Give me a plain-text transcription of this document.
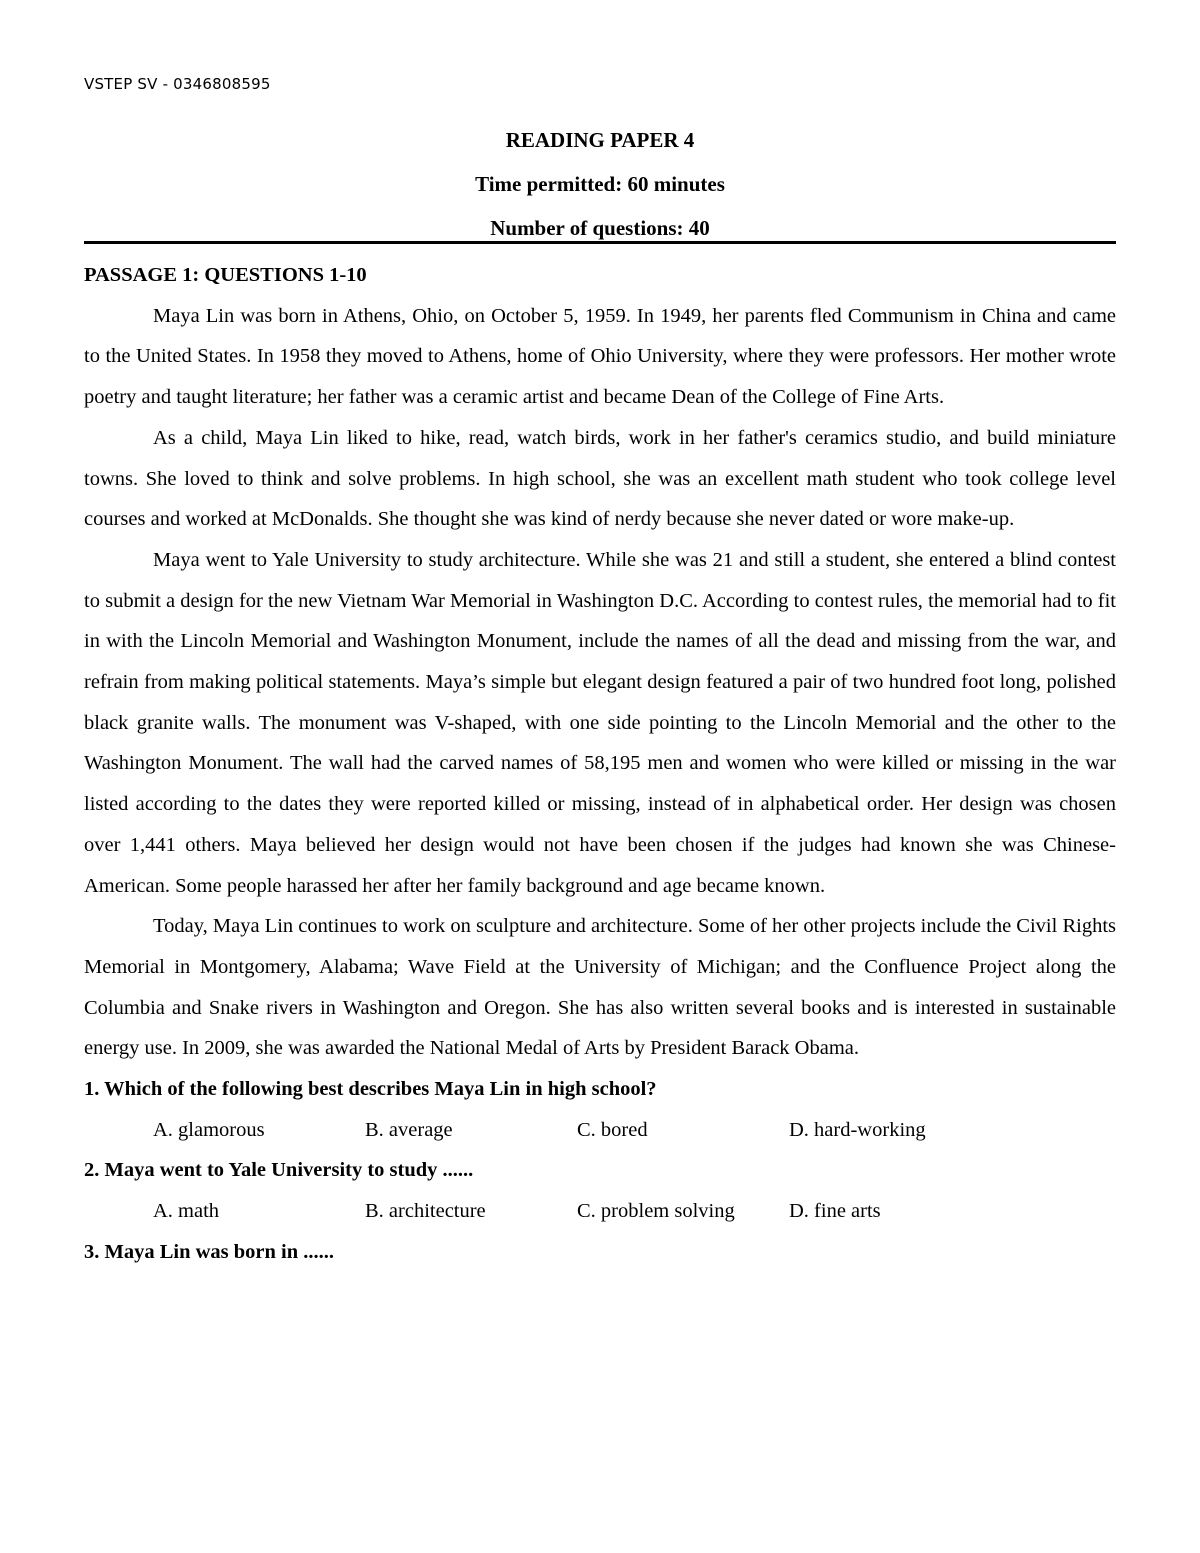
VSTEP SV - 0346808595
READING PAPER 4
Time permitted: 60 minutes
Number of questions: 40

PASSAGE 1: QUESTIONS 1-10

Maya Lin was born in Athens, Ohio, on October 5, 1959. In 1949, her parents fled Communism in China and came to the United States. In 1958 they moved to Athens, home of Ohio University, where they were professors. Her mother wrote poetry and taught literature; her father was a ceramic artist and became Dean of the College of Fine Arts.

As a child, Maya Lin liked to hike, read, watch birds, work in her father's ceramics studio, and build miniature towns. She loved to think and solve problems. In high school, she was an excellent math student who took college level courses and worked at McDonalds. She thought she was kind of nerdy because she never dated or wore make-up.

Maya went to Yale University to study architecture. While she was 21 and still a student, she entered a blind contest to submit a design for the new Vietnam War Memorial in Washington D.C. According to contest rules, the memorial had to fit in with the Lincoln Memorial and Washington Monument, include the names of all the dead and missing from the war, and refrain from making political statements. Maya’s simple but elegant design featured a pair of two hundred foot long, polished black granite walls. The monument was V-shaped, with one side pointing to the Lincoln Memorial and the other to the Washington Monument. The wall had the carved names of 58,195 men and women who were killed or missing in the war listed according to the dates they were reported killed or missing, instead of in alphabetical order. Her design was chosen over 1,441 others. Maya believed her design would not have been chosen if the judges had known she was Chinese-American. Some people harassed her after her family background and age became known.

Today, Maya Lin continues to work on sculpture and architecture. Some of her other projects include the Civil Rights Memorial in Montgomery, Alabama; Wave Field at the University of Michigan; and the Confluence Project along the Columbia and Snake rivers in Washington and Oregon. She has also written several books and is interested in sustainable energy use. In 2009, she was awarded the National Medal of Arts by President Barack Obama.

1. Which of the following best describes Maya Lin in high school?

A. glamorous	B. average	C. bored	D. hard-working

2. Maya went to Yale University to study ......

A. math	B. architecture	C. problem solving	D. fine arts

3. Maya Lin was born in ......
